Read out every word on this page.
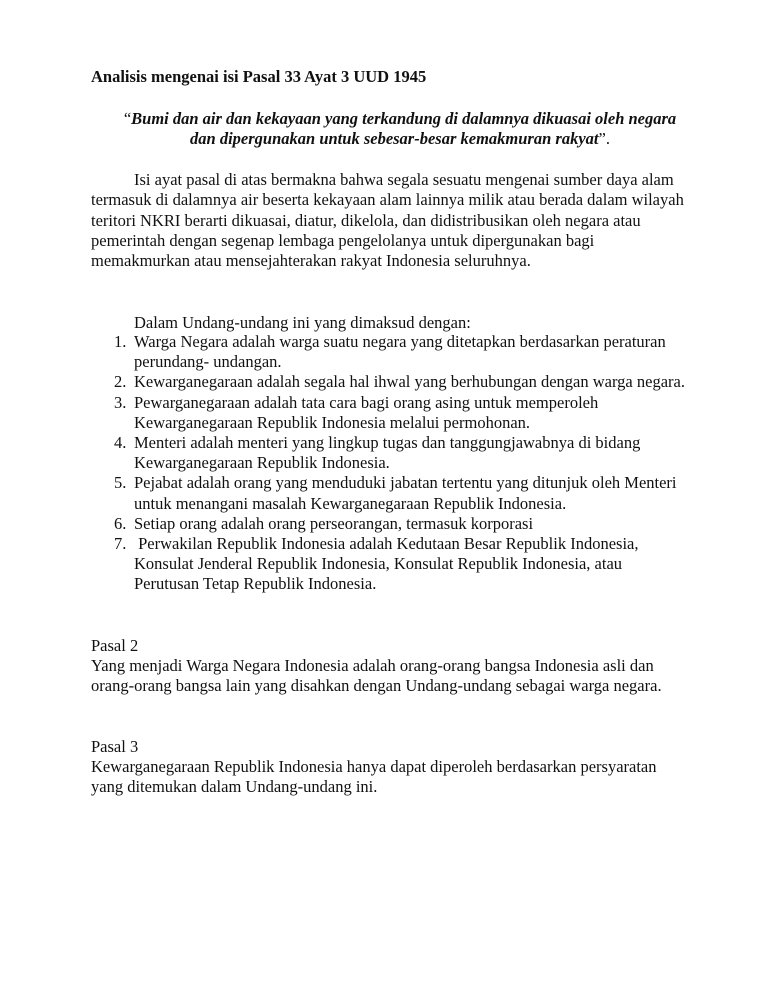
Analisis mengenai isi Pasal 33 Ayat 3 UUD 1945

“Bumi dan air dan kekayaan yang terkandung di dalamnya dikuasai oleh negara dan dipergunakan untuk sebesar-besar kemakmuran rakyat”.

Isi ayat pasal di atas bermakna bahwa segala sesuatu mengenai sumber daya alam termasuk di dalamnya air beserta kekayaan alam lainnya milik atau berada dalam wilayah teritori NKRI berarti dikuasai, diatur, dikelola, dan didistribusikan oleh negara atau pemerintah dengan segenap lembaga pengelolanya untuk dipergunakan bagi memakmurkan atau mensejahterakan rakyat Indonesia seluruhnya.

Dalam Undang-undang ini yang dimaksud dengan:

1. Warga Negara adalah warga suatu negara yang ditetapkan berdasarkan peraturan perundang- undangan.
2. Kewarganegaraan adalah segala hal ihwal yang berhubungan dengan warga negara.
3. Pewarganegaraan adalah tata cara bagi orang asing untuk memperoleh Kewarganegaraan Republik Indonesia melalui permohonan.
4. Menteri adalah menteri yang lingkup tugas dan tanggungjawabnya di bidang Kewarganegaraan Republik Indonesia.
5. Pejabat adalah orang yang menduduki jabatan tertentu yang ditunjuk oleh Menteri untuk menangani masalah Kewarganegaraan Republik Indonesia.
6. Setiap orang adalah orang perseorangan, termasuk korporasi
7. Perwakilan Republik Indonesia adalah Kedutaan Besar Republik Indonesia, Konsulat Jenderal Republik Indonesia, Konsulat Republik Indonesia, atau Perutusan Tetap Republik Indonesia.

Pasal 2

Yang menjadi Warga Negara Indonesia adalah orang-orang bangsa Indonesia asli dan orang-orang bangsa lain yang disahkan dengan Undang-undang sebagai warga negara.

Pasal 3

Kewarganegaraan Republik Indonesia hanya dapat diperoleh berdasarkan persyaratan yang ditemukan dalam Undang-undang ini.
